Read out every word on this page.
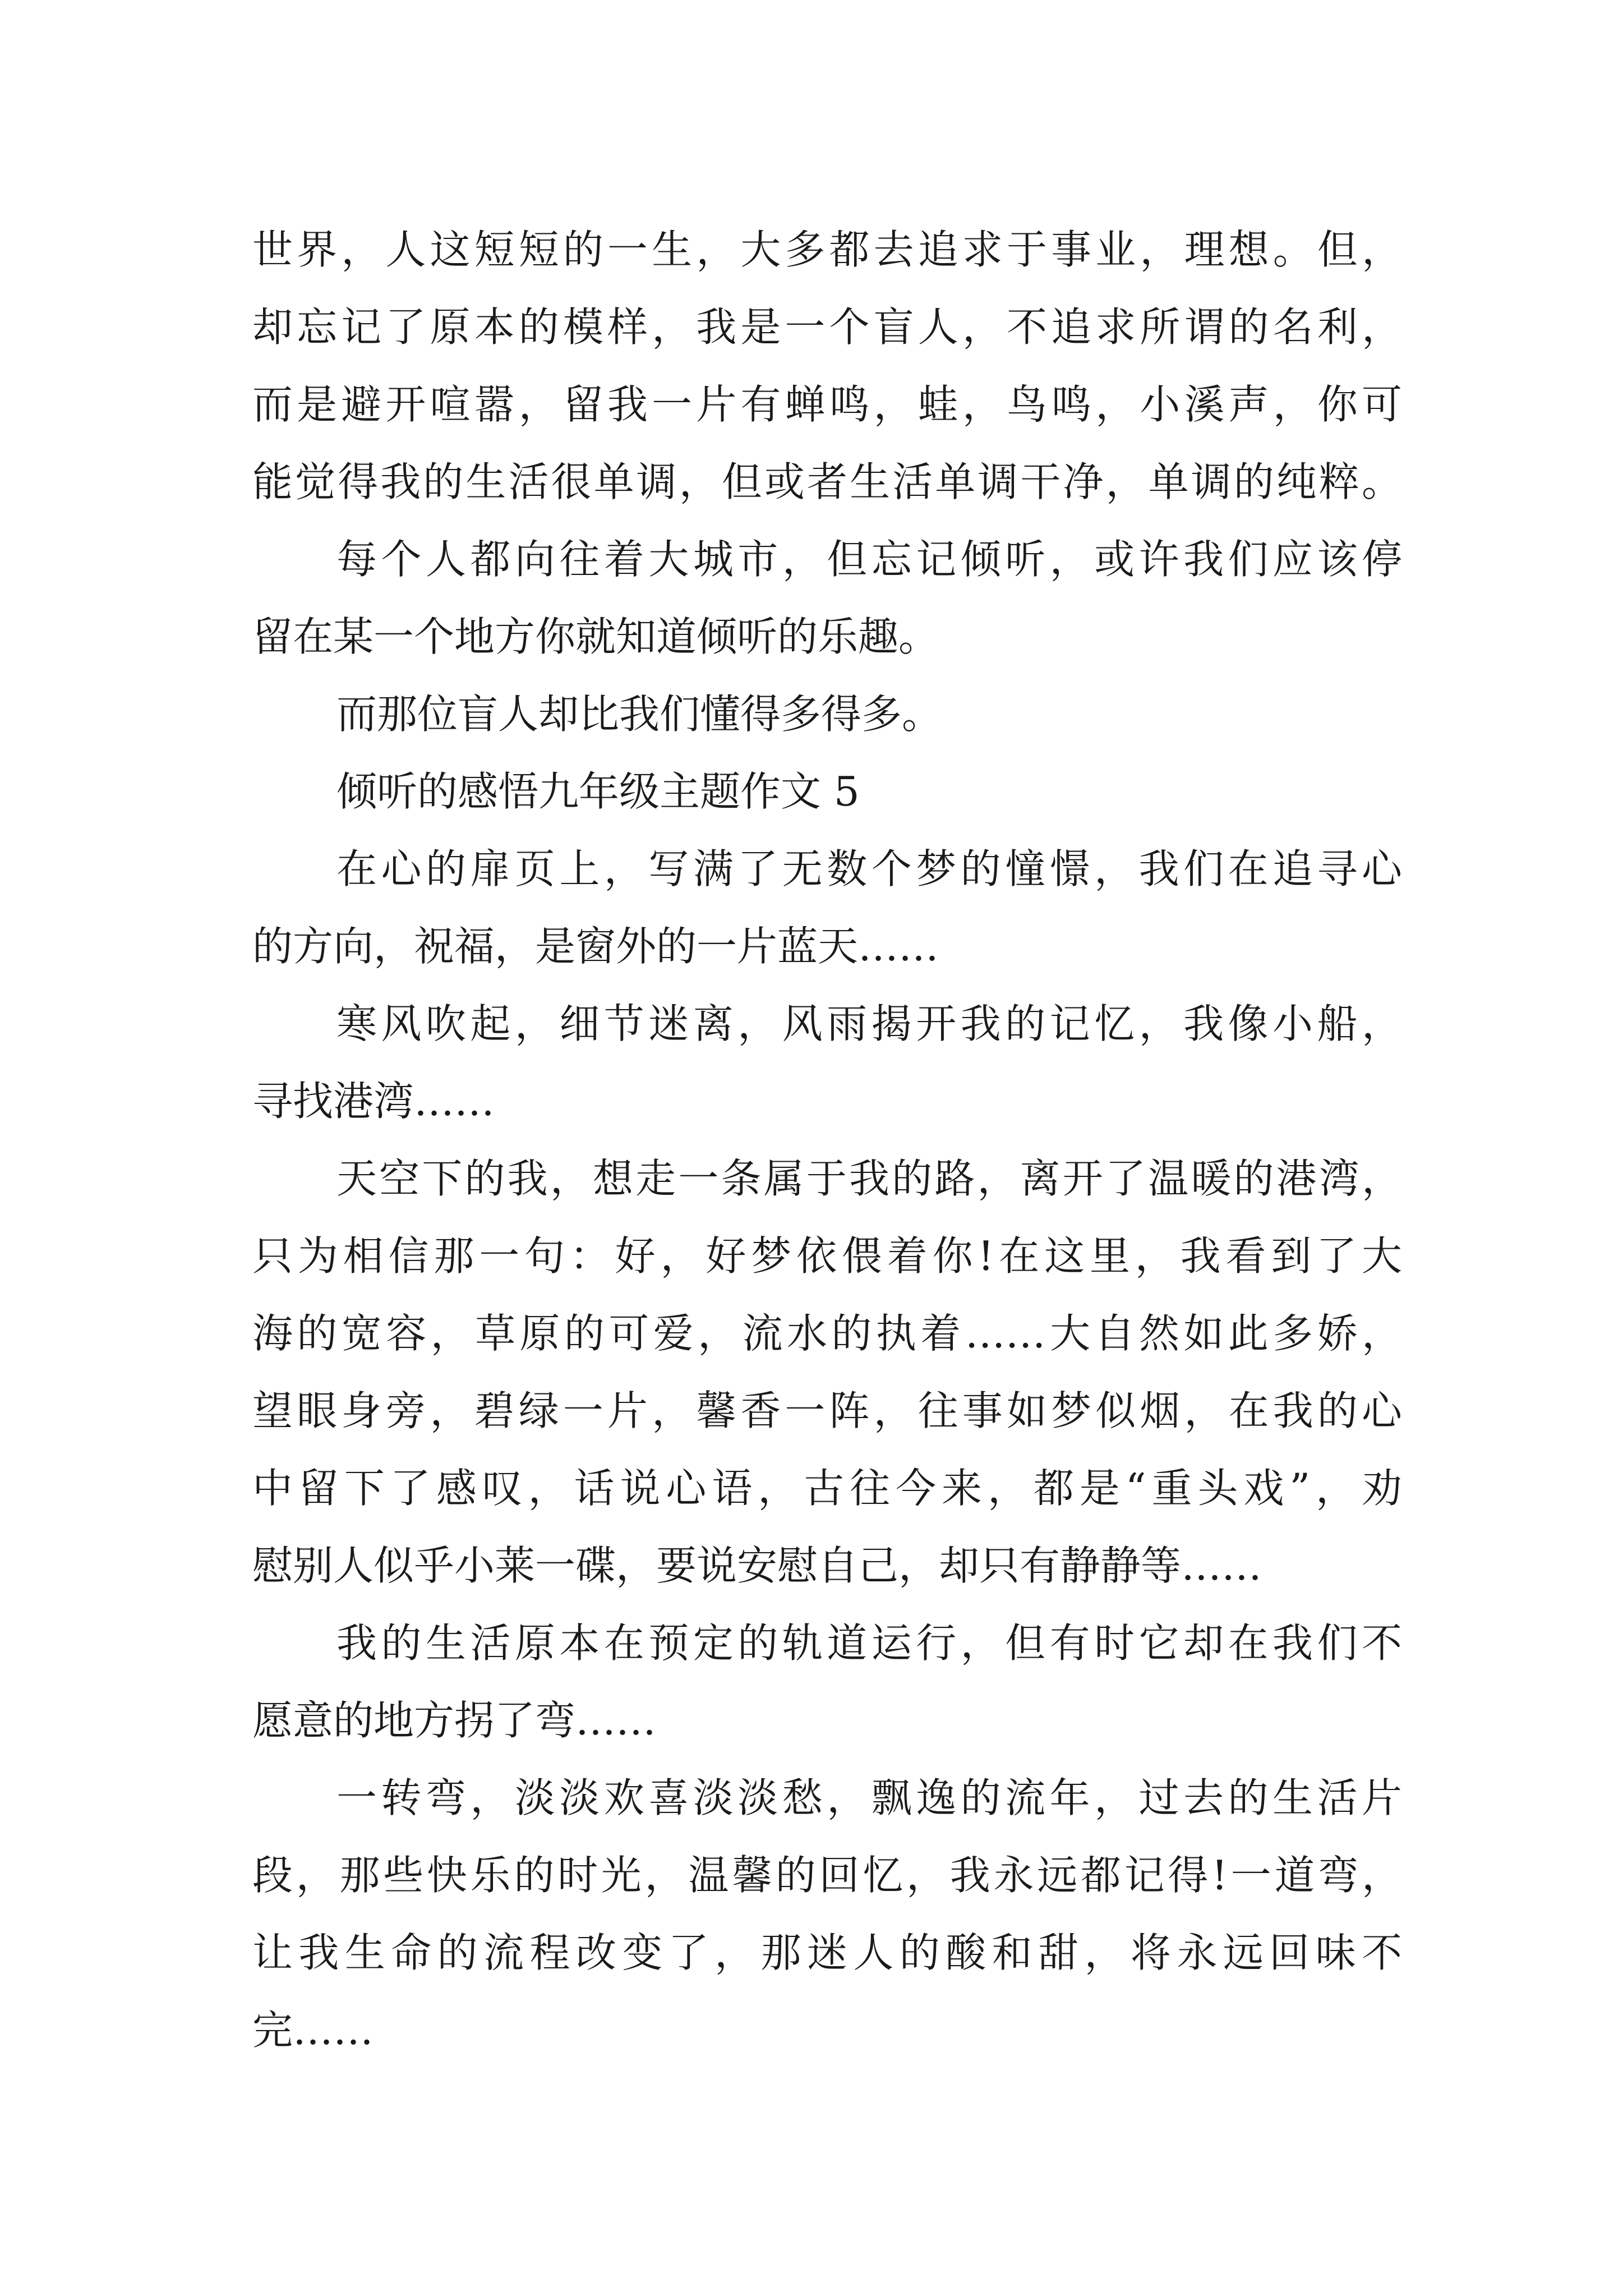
世界，人这短短的一生，大多都去追求于事业，理想。但，
却忘记了原本的模样，我是一个盲人，不追求所谓的名利，
而是避开喧嚣，留我一片有蝉鸣，蛙，鸟鸣，小溪声，你可
能觉得我的生活很单调，但或者生活单调干净，单调的纯粹。
每个人都向往着大城市，但忘记倾听，或许我们应该停
留在某一个地方你就知道倾听的乐趣。
而那位盲人却比我们懂得多得多。
倾听的感悟九年级主题作文 5
在心的扉页上，写满了无数个梦的憧憬，我们在追寻心
的方向，祝福，是窗外的一片蓝天……
寒风吹起，细节迷离，风雨揭开我的记忆，我像小船，
寻找港湾……
天空下的我，想走一条属于我的路，离开了温暖的港湾，
只为相信那一句：好，好梦依偎着你!在这里，我看到了大
海的宽容，草原的可爱，流水的执着……大自然如此多娇，
望眼身旁，碧绿一片，馨香一阵，往事如梦似烟，在我的心
中留下了感叹，话说心语，古往今来，都是“重头戏”，劝
慰别人似乎小莱一碟，要说安慰自己，却只有静静等……
我的生活原本在预定的轨道运行，但有时它却在我们不
愿意的地方拐了弯……
一转弯，淡淡欢喜淡淡愁，飘逸的流年，过去的生活片
段，那些快乐的时光，温馨的回忆，我永远都记得!一道弯，
让我生命的流程改变了，那迷人的酸和甜，将永远回味不
完……
